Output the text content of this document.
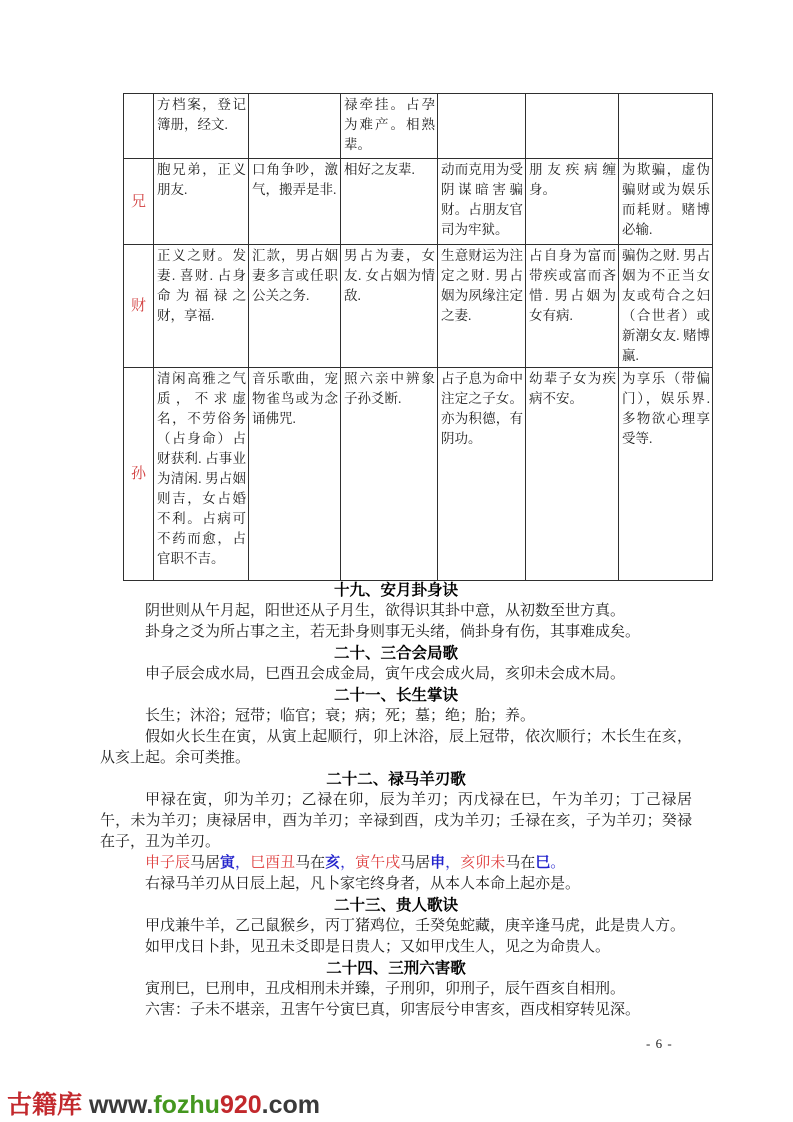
	方档案，登记簿册，经文.		禄牵挂。占孕为难产。相熟辈。			
兄	胞兄弟，正义朋友.	口角争吵，激气，搬弄是非.	相好之友辈.	动而克用为受阴谋暗害骗财。占朋友官司为牢狱。	朋友疾病缠身。	为欺骗，虚伪骗财或为娱乐而耗财。赌博必输.
财	正义之财。发妻. 喜财. 占身命为福禄之财，享福.	汇款，男占姻妻多言或任职公关之务.	男占为妻，女友. 女占姻为情敌.	生意财运为注定之财. 男占姻为夙缘注定之妻.	占自身为富而带疾或富而吝惜. 男占姻为女有病.	骗伪之财. 男占姻为不正当女友或苟合之妇（合世者）或新潮女友. 赌博赢.
孙	清闲高雅之气质，不求虚名，不劳俗务（占身命）占财获利. 占事业为清闲. 男占姻则吉，女占婚不利。占病可不药而愈，占官职不吉。	音乐歌曲，宠物雀鸟或为念诵佛咒.	照六亲中辨象子孙爻断.	占子息为命中注定之子女。亦为积德，有阴功。	幼辈子女为疾病不安。	为享乐（带偏门），娱乐界. 多物欲心理享受等.
十九、安月卦身诀
阴世则从午月起，阳世还从子月生，欲得识其卦中意，从初数至世方真。
卦身之爻为所占事之主，若无卦身则事无头绪，倘卦身有伤，其事难成矣。
二十、三合会局歌
申子辰会成水局，巳酉丑会成金局，寅午戌会成火局，亥卯未会成木局。
二十一、长生掌诀
长生；沐浴；冠带；临官；衰；病；死；墓；绝；胎；养。
假如火长生在寅，从寅上起顺行，卯上沐浴，辰上冠带，依次顺行；木长生在亥，从亥上起。余可类推。
二十二、禄马羊刃歌
甲禄在寅，卯为羊刃；乙禄在卯，辰为羊刃；丙戊禄在巳，午为羊刃；丁己禄居午，未为羊刃；庚禄居申，酉为羊刃；辛禄到酉，戌为羊刃；壬禄在亥，子为羊刃；癸禄在子，丑为羊刃。
申子辰马居寅，巳酉丑马在亥，寅午戌马居申，亥卯未马在巳。
右禄马羊刃从日辰上起，凡卜家宅终身者，从本人本命上起亦是。
二十三、贵人歌诀
甲戊兼牛羊，乙己鼠猴乡，丙丁猪鸡位，壬癸兔蛇藏，庚辛逢马虎，此是贵人方。
如甲戊日卜卦，见丑未爻即是日贵人；又如甲戊生人，见之为命贵人。
二十四、三刑六害歌
寅刑巳，巳刑申，丑戌相刑未并臻，子刑卯，卯刑子，辰午酉亥自相刑。
六害：子未不堪亲，丑害午兮寅巳真，卯害辰兮申害亥，酉戌相穿转见深。
- 6 -
古籍库 www.fozhu920.com
